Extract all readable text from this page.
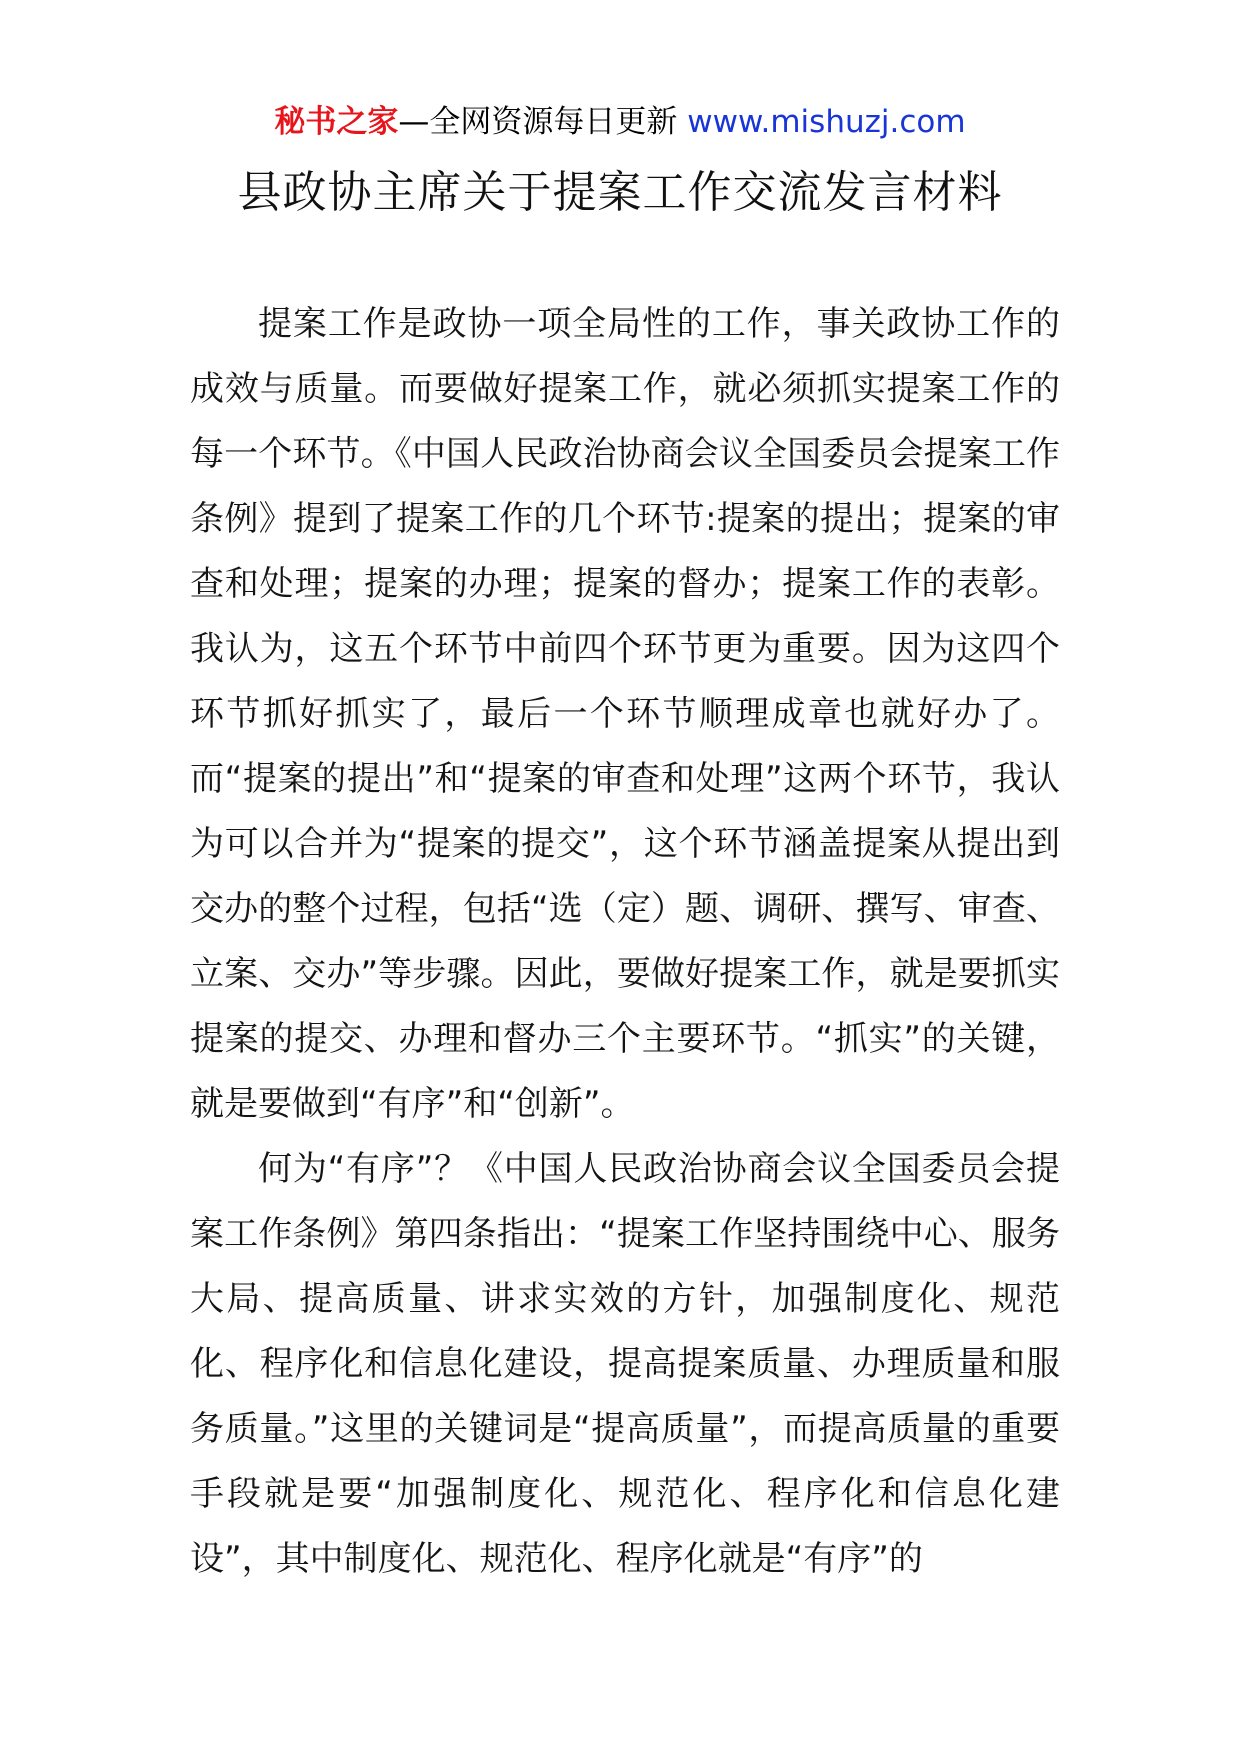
秘书之家—全网资源每日更新 www.mishuzj.com
县政协主席关于提案工作交流发言材料

提案工作是政协一项全局性的工作，事关政协工作的成效与质量。而要做好提案工作，就必须抓实提案工作的每一个环节。《中国人民政治协商会议全国委员会提案工作条例》提到了提案工作的几个环节:提案的提出；提案的审查和处理；提案的办理；提案的督办；提案工作的表彰。我认为，这五个环节中前四个环节更为重要。因为这四个环节抓好抓实了，最后一个环节顺理成章也就好办了。而“提案的提出”和“提案的审查和处理”这两个环节，我认为可以合并为“提案的提交”，这个环节涵盖提案从提出到交办的整个过程，包括“选（定）题、调研、撰写、审查、立案、交办”等步骤。因此，要做好提案工作，就是要抓实提案的提交、办理和督办三个主要环节。“抓实”的关键，就是要做到“有序”和“创新”。

何为“有序”？《中国人民政治协商会议全国委员会提案工作条例》第四条指出：“提案工作坚持围绕中心、服务大局、提高质量、讲求实效的方针，加强制度化、规范化、程序化和信息化建设，提高提案质量、办理质量和服务质量。”这里的关键词是“提高质量”，而提高质量的重要手段就是要“加强制度化、规范化、程序化和信息化建设”，其中制度化、规范化、程序化就是“有序”的
